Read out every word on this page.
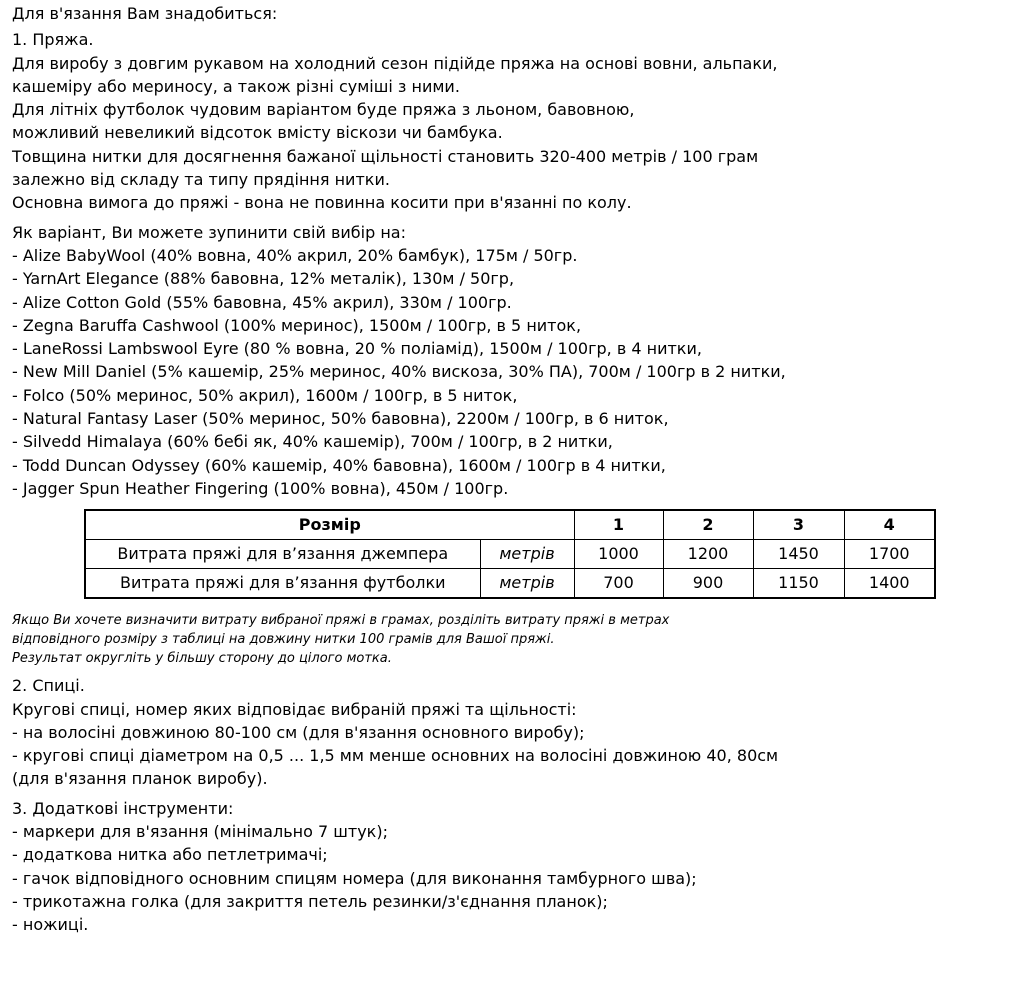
Для в'язання Вам знадобиться:
1. Пряжа.
Для виробу з довгим рукавом на холодний сезон підійде пряжа на основі вовни, альпаки,
кашеміру або мериносу, а також різні суміші з ними.
Для літніх футболок чудовим варіантом буде пряжа з льоном, бавовною,
можливий невеликий відсоток вмісту віскози чи бамбука.
Товщина нитки для досягнення бажаної щільності становить 320-400 метрів / 100 грам
залежно від складу та типу прядіння нитки.
Основна вимога до пряжі - вона не повинна косити при в'язанні по колу.
Як варіант, Ви можете зупинити свій вибір на:
- Alize BabyWool (40% вовна, 40% акрил, 20% бамбук), 175м / 50гр.
- YarnArt Elegance (88% бавовна, 12% металік), 130м / 50гр,
- Alize Cotton Gold (55% бавовна, 45% акрил), 330м / 100гр.
- Zegna Baruffa Cashwool (100% меринос), 1500м / 100гр, в 5 ниток,
- LaneRossi Lambswool Eyre (80 % вовна, 20 % поліамід), 1500м / 100гр, в 4 нитки,
- New Mill Daniel (5% кашемір, 25% меринос, 40% вискоза, 30% ПА), 700м / 100гр в 2 нитки,
- Folco (50% меринос, 50% акрил), 1600м / 100гр, в 5 ниток,
- Natural Fantasy Laser (50% меринос, 50% бавовна), 2200м / 100гр, в 6 ниток,
- Silvedd Himalaya (60% бебі як, 40% кашемір), 700м / 100гр, в 2 нитки,
- Todd Duncan Odyssey (60% кашемір, 40% бавовна), 1600м / 100гр в 4 нитки,
- Jagger Spun Heather Fingering (100% вовна), 450м / 100гр.
Розмір		1	2	3	4
Витрата пряжі для в’язання джемпера	метрів	1000	1200	1450	1700
Витрата пряжі для в’язання футболки	метрів	700	900	1150	1400
Якщо Ви хочете визначити витрату вибраної пряжі в грамах, розділіть витрату пряжі в метрах
відповідного розміру з таблиці на довжину нитки 100 грамів для Вашої пряжі.
Результат округліть у більшу сторону до цілого мотка.
2. Спиці.
Кругові спиці, номер яких відповідає вибраній пряжі та щільності:
- на волосіні довжиною 80-100 см (для в'язання основного виробу);
- кругові спиці діаметром на 0,5 ... 1,5 мм менше основних на волосіні довжиною 40, 80см
(для в'язання планок виробу).
3. Додаткові інструменти:
- маркери для в'язання (мінімально 7 штук);
- додаткова нитка або петлетримачі;
- гачок відповідного основним спицям номера (для виконання тамбурного шва);
- трикотажна голка (для закриття петель резинки/з'єднання планок);
- ножиці.
